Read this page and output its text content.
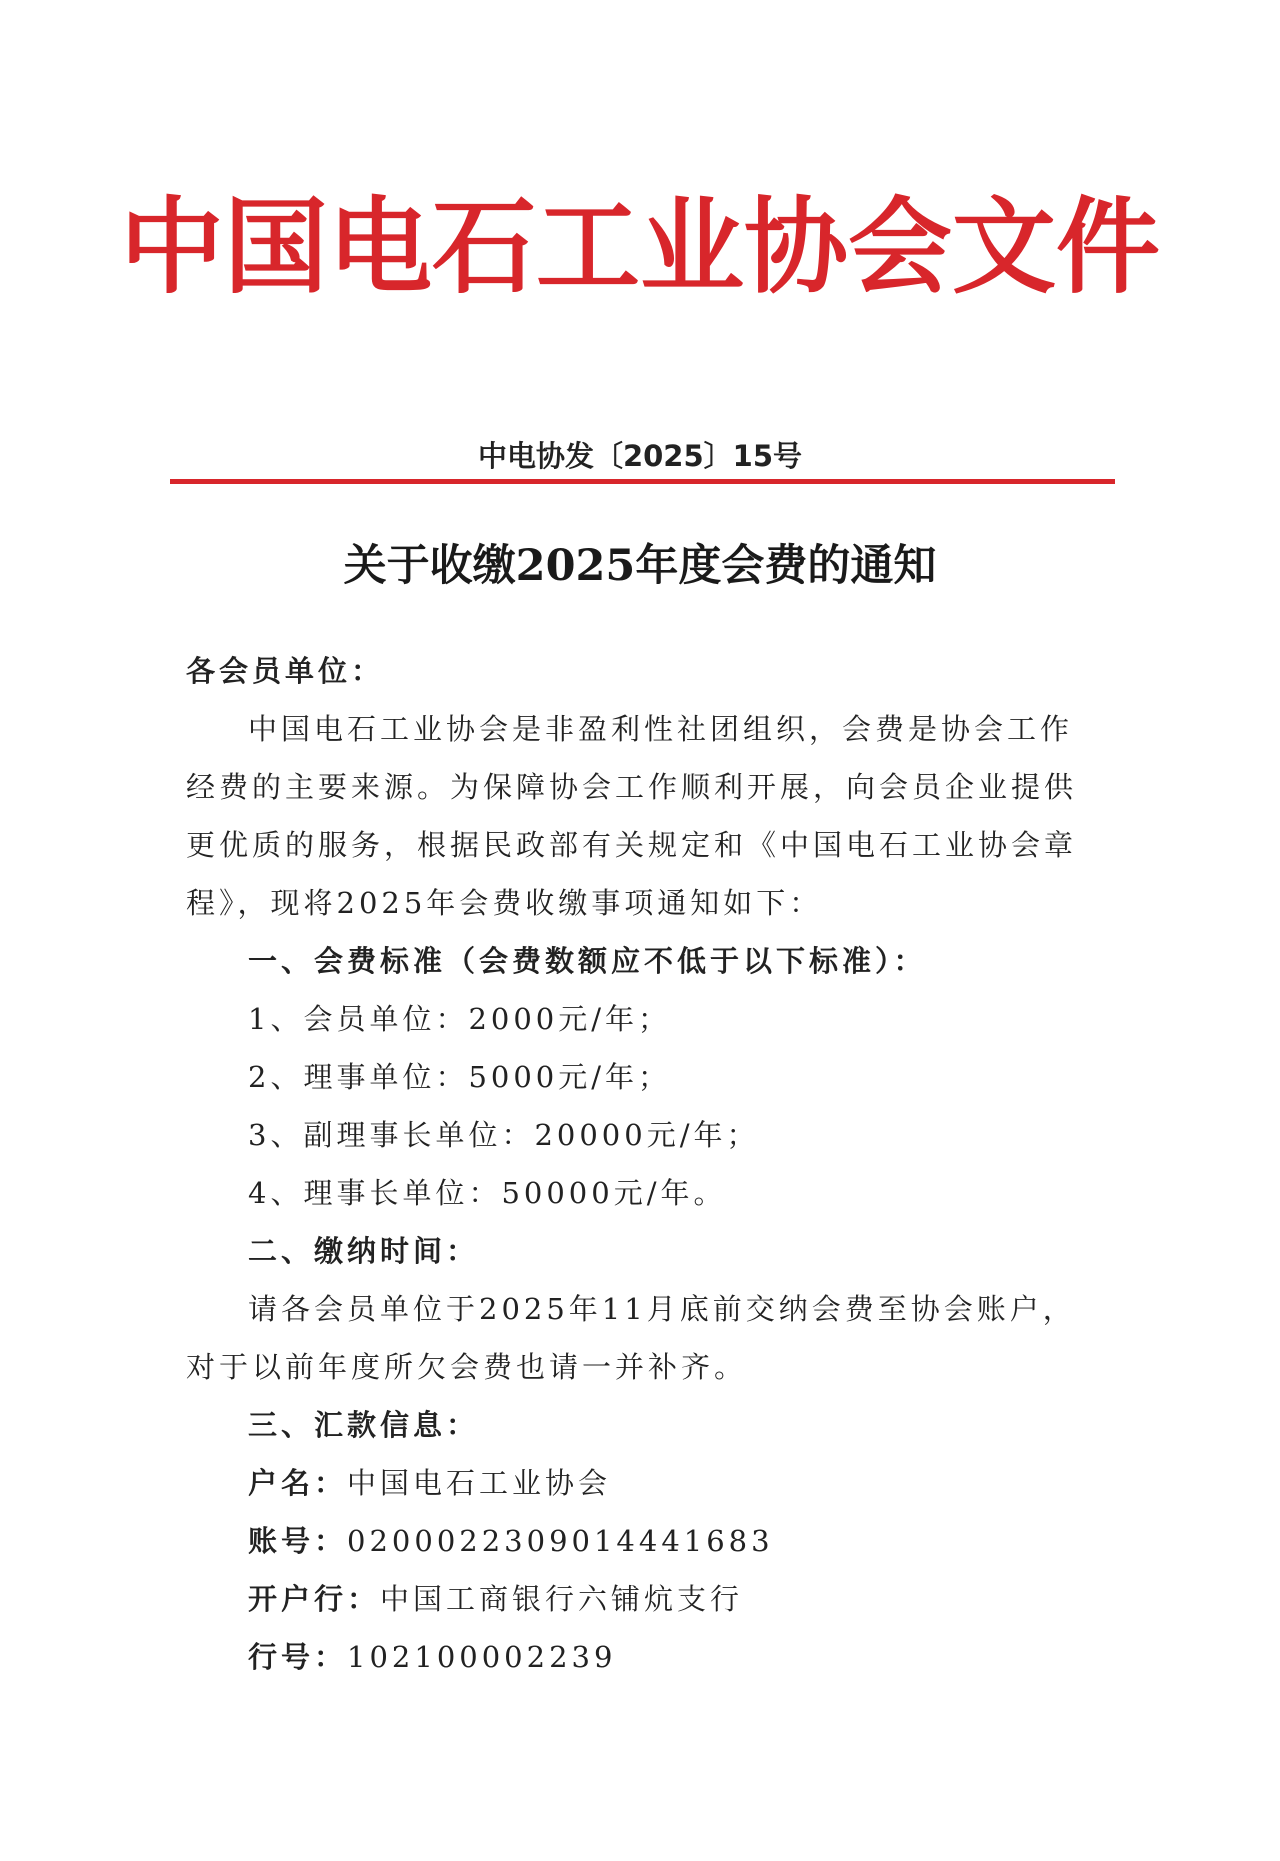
中国电石工业协会文件
中电协发〔2025〕15号
关于收缴2025年度会费的通知
各会员单位：
中国电石工业协会是非盈利性社团组织，会费是协会工作
经费的主要来源。为保障协会工作顺利开展，向会员企业提供
更优质的服务，根据民政部有关规定和《中国电石工业协会章
程》，现将2025年会费收缴事项通知如下：
一、会费标准（会费数额应不低于以下标准）：
1、会员单位：2000元/年；
2、理事单位：5000元/年；
3、副理事长单位：20000元/年；
4、理事长单位：50000元/年。
二、缴纳时间：
请各会员单位于2025年11月底前交纳会费至协会账户，
对于以前年度所欠会费也请一并补齐。
三、汇款信息：
户名：中国电石工业协会
账号：0200022309014441683
开户行：中国工商银行六铺炕支行
行号：102100002239
